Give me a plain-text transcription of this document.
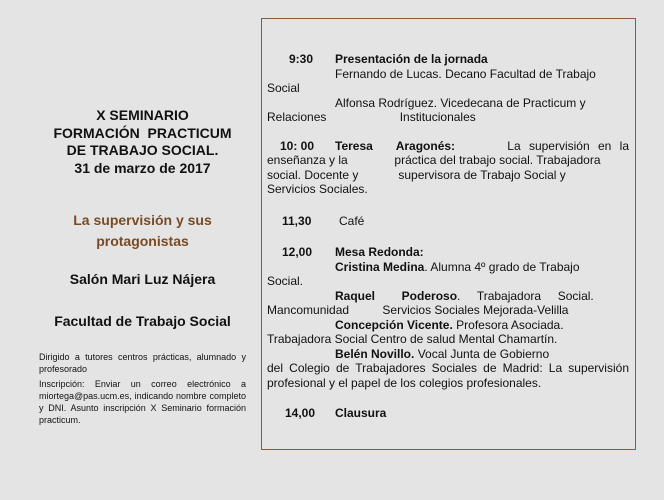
X SEMINARIO
FORMACIÓN  PRACTICUM
DE TRABAJO SOCIAL.
31 de marzo de 2017
La supervisión y sus
protagonistas
Salón Mari Luz Nájera
Facultad de Trabajo Social
Dirigido a tutores centros prácticas, alumnado y profesorado
Inscripción: Enviar un correo electrónico a miortega@pas.ucm.es, indicando nombre completo y DNI. Asunto inscripción X Seminario formación practicum.
9:30 Presentación de la jornada
Fernando de Lucas. Decano Facultad de Trabajo
Social
Alfonsa Rodríguez. Vicedecana de Practicum y
Relaciones                      Institucionales
10: 00 Teresa       Aragonés:	La supervisión en la
enseñanza y la              práctica del trabajo social. Trabajadora
social. Docente y            supervisora de Trabajo Social y
Servicios Sociales.
11,30 Café
12,00 Mesa Redonda:
Cristina Medina. Alumna 4º grado de Trabajo
Social.
Raquel        Poderoso.     Trabajadora     Social.
Mancomunidad          Servicios Sociales Mejorada-Velilla
Concepción Vicente. Profesora Asociada.
Trabajadora Social Centro de salud Mental Chamartín.
Belén Novillo. Vocal Junta de Gobierno
del Colegio de Trabajadores Sociales de Madrid: La supervisión profesional y el papel de los colegios profesionales.
14,00 Clausura
